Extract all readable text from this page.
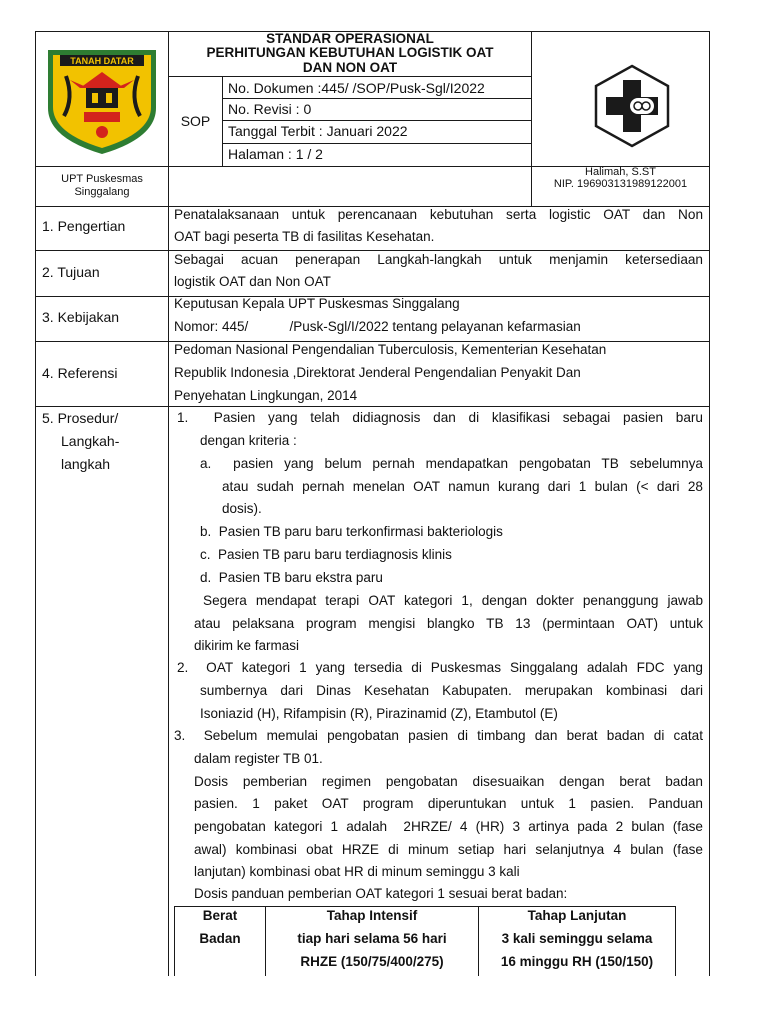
TANAH DATAR
STANDAR OPERASIONAL
PERHITUNGAN KEBUTUHAN LOGISTIK OAT
DAN NON OAT
SOP
No. Dokumen :445/ /SOP/Pusk-Sgl/I2022
No. Revisi : 0
Tanggal Terbit : Januari 2022
Halaman : 1 / 2
UPT Puskesmas
Singgalang
Halimah, S.ST
NIP. 196903131989122001
1. Pengertian
Penatalaksanaan untuk perencanaan kebutuhan serta logistic OAT dan Non
OAT bagi peserta TB di fasilitas Kesehatan.
2. Tujuan
Sebagai acuan penerapan Langkah-langkah untuk menjamin ketersediaan
logistik OAT dan Non OAT
3. Kebijakan
Keputusan Kepala UPT Puskesmas Singgalang
Nomor: 445/           /Pusk-Sgl/I/2022 tentang pelayanan kefarmasian
4. Referensi
Pedoman Nasional Pengendalian Tuberculosis, Kementerian Kesehatan
Republik Indonesia ,Direktorat Jenderal Pengendalian Penyakit Dan
Penyehatan Lingkungan, 2014
5. Prosedur/
Langkah-
langkah
1.  Pasien yang telah didiagnosis dan di klasifikasi sebagai pasien baru
dengan kriteria :
a.  pasien yang belum pernah mendapatkan pengobatan TB sebelumnya
atau sudah pernah menelan OAT namun kurang dari 1 bulan (< dari 28
dosis).
b.  Pasien TB paru baru terkonfirmasi bakteriologis
c.  Pasien TB paru baru terdiagnosis klinis
d.  Pasien TB baru ekstra paru
Segera mendapat terapi OAT kategori 1, dengan dokter penanggung jawab
atau pelaksana program mengisi blangko TB 13 (permintaan OAT) untuk
dikirim ke farmasi
2.  OAT kategori 1 yang tersedia di Puskesmas Singgalang adalah FDC yang
sumbernya dari Dinas Kesehatan Kabupaten. merupakan kombinasi dari
Isoniazid (H), Rifampisin (R), Pirazinamid (Z), Etambutol (E)
3.  Sebelum memulai pengobatan pasien di timbang dan berat badan di catat
dalam register TB 01.
Dosis pemberian regimen pengobatan disesuaikan dengan berat badan
pasien. 1 paket OAT program diperuntukan untuk 1 pasien. Panduan
pengobatan kategori 1 adalah  2HRZE/ 4 (HR) 3 artinya pada 2 bulan (fase
awal) kombinasi obat HRZE di minum setiap hari selanjutnya 4 bulan (fase
lanjutan) kombinasi obat HR di minum seminggu 3 kali
Dosis panduan pemberian OAT kategori 1 sesuai berat badan:
Berat
Badan
Tahap Intensif
tiap hari selama 56 hari
RHZE (150/75/400/275)
Tahap Lanjutan
3 kali seminggu selama
16 minggu RH (150/150)
